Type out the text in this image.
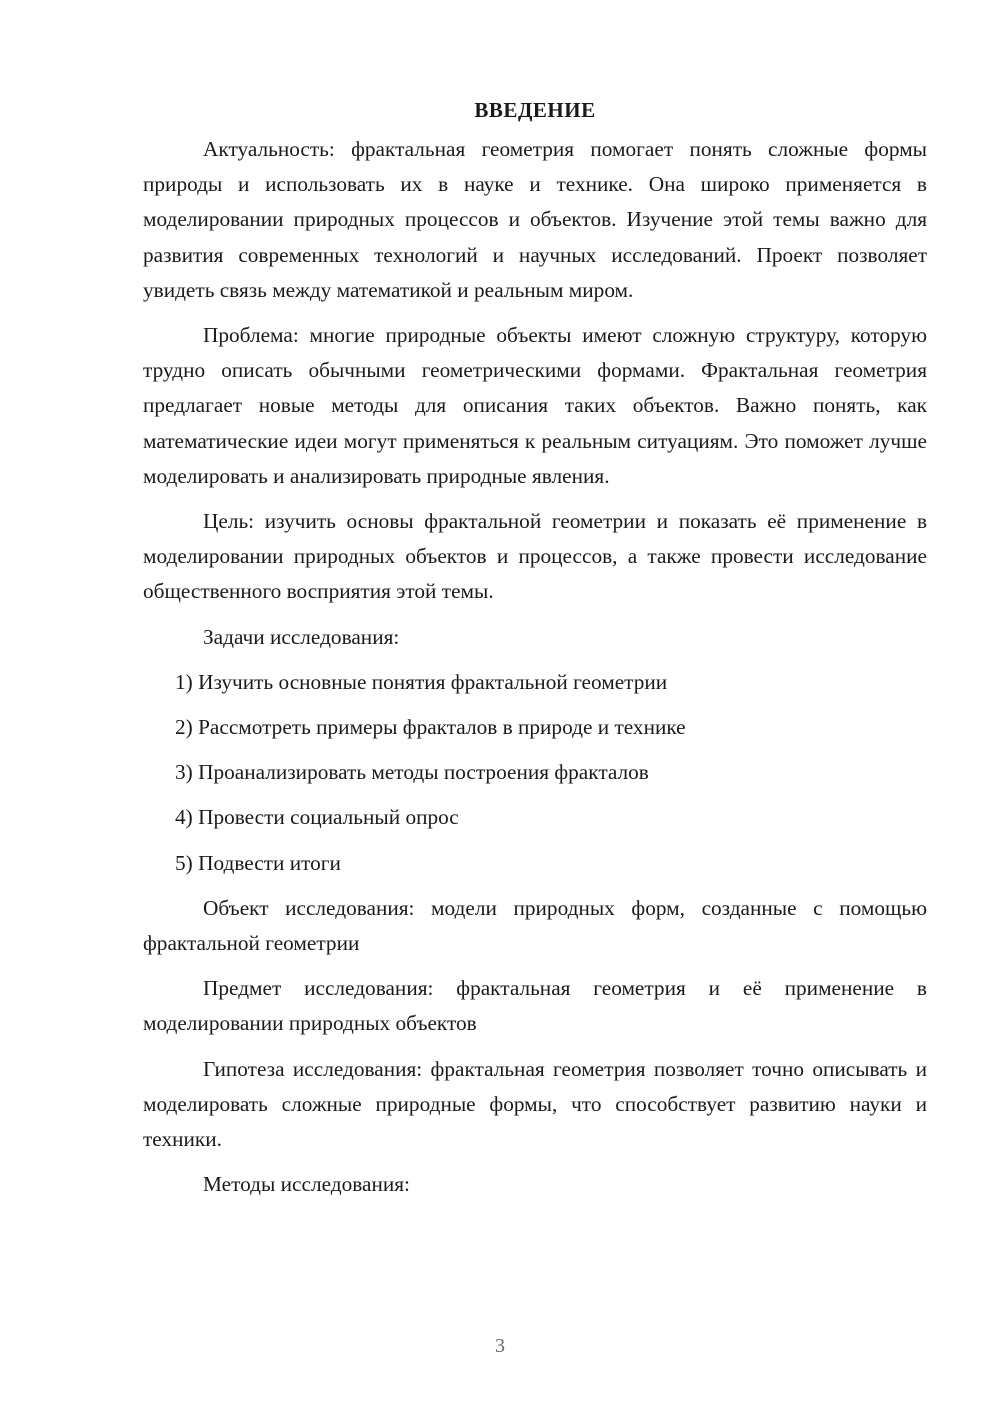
ВВЕДЕНИЕ

Актуальность: фрактальная геометрия помогает понять сложные формы природы и использовать их в науке и технике. Она широко применяется в моделировании природных процессов и объектов. Изучение этой темы важно для развития современных технологий и научных исследований. Проект позволяет увидеть связь между математикой и реальным миром.

Проблема: многие природные объекты имеют сложную структуру, которую трудно описать обычными геометрическими формами. Фрактальная геометрия предлагает новые методы для описания таких объектов. Важно понять, как математические идеи могут применяться к реальным ситуациям. Это поможет лучше моделировать и анализировать природные явления.

Цель: изучить основы фрактальной геометрии и показать её применение в моделировании природных объектов и процессов, а также провести исследование общественного восприятия этой темы.

Задачи исследования:

1) Изучить основные понятия фрактальной геометрии
2) Рассмотреть примеры фракталов в природе и технике
3) Проанализировать методы построения фракталов
4) Провести социальный опрос
5) Подвести итоги

Объект исследования: модели природных форм, созданные с помощью фрактальной геометрии

Предмет исследования: фрактальная геометрия и её применение в моделировании природных объектов

Гипотеза исследования: фрактальная геометрия позволяет точно описывать и моделировать сложные природные формы, что способствует развитию науки и техники.

Методы исследования:

3
